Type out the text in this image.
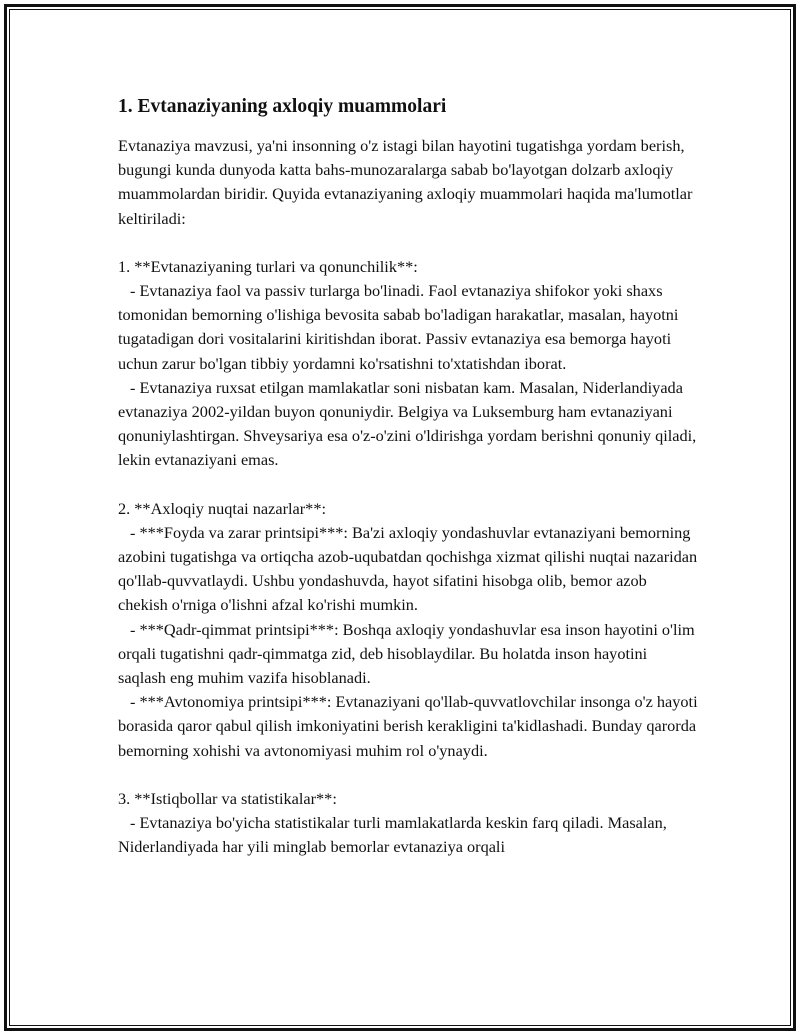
1. Evtanaziyaning axloqiy muammolari

Evtanaziya mavzusi, ya'ni insonning o'z istagi bilan hayotini tugatishga yordam berish, bugungi kunda dunyoda katta bahs-munozaralarga sabab bo'layotgan dolzarb axloqiy muammolardan biridir. Quyida evtanaziyaning axloqiy muammolari haqida ma'lumotlar keltiriladi:

1. **Evtanaziyaning turlari va qonunchilik**:

- Evtanaziya faol va passiv turlarga bo'linadi. Faol evtanaziya shifokor yoki shaxs tomonidan bemorning o'lishiga bevosita sabab bo'ladigan harakatlar, masalan, hayotni tugatadigan dori vositalarini kiritishdan iborat. Passiv evtanaziya esa bemorga hayoti uchun zarur bo'lgan tibbiy yordamni ko'rsatishni to'xtatishdan iborat.

- Evtanaziya ruxsat etilgan mamlakatlar soni nisbatan kam. Masalan, Niderlandiyada evtanaziya 2002-yildan buyon qonuniydir. Belgiya va Luksemburg ham evtanaziyani qonuniylashtirgan. Shveysariya esa o'z-o'zini o'ldirishga yordam berishni qonuniy qiladi, lekin evtanaziyani emas.

2. **Axloqiy nuqtai nazarlar**:

- ***Foyda va zarar printsipi***: Ba'zi axloqiy yondashuvlar evtanaziyani bemorning azobini tugatishga va ortiqcha azob-uqubatdan qochishga xizmat qilishi nuqtai nazaridan qo'llab-quvvatlaydi. Ushbu yondashuvda, hayot sifatini hisobga olib, bemor azob chekish o'rniga o'lishni afzal ko'rishi mumkin.

- ***Qadr-qimmat printsipi***: Boshqa axloqiy yondashuvlar esa inson hayotini o'lim orqali tugatishni qadr-qimmatga zid, deb hisoblaydilar. Bu holatda inson hayotini saqlash eng muhim vazifa hisoblanadi.

- ***Avtonomiya printsipi***: Evtanaziyani qo'llab-quvvatlovchilar insonga o'z hayoti borasida qaror qabul qilish imkoniyatini berish kerakligini ta'kidlashadi. Bunday qarorda bemorning xohishi va avtonomiyasi muhim rol o'ynaydi.

3. **Istiqbollar va statistikalar**:

- Evtanaziya bo'yicha statistikalar turli mamlakatlarda keskin farq qiladi. Masalan, Niderlandiyada har yili minglab bemorlar evtanaziya orqali
